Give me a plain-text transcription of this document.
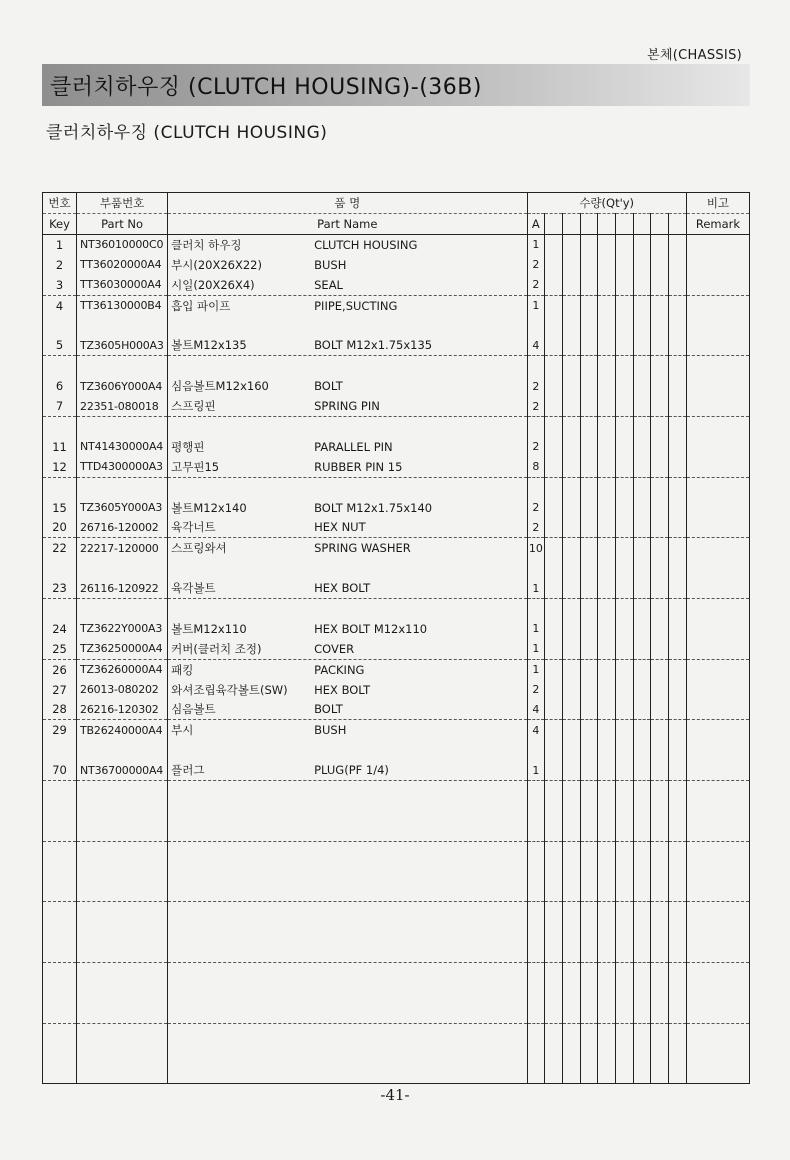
본체(CHASSIS)
클러치하우징 (CLUTCH HOUSING)-(36B)
클러치하우징 (CLUTCH HOUSING)
번호	부품번호	품 명	수량(Qt'y)									비고
Key	Part No	Part Name	A									Remark
1	NT36010000C0	클러치 하우징 CLUTCH HOUSING	1									
2	TT36020000A4	부시(20X26X22) BUSH	2									
3	TT36030000A4	시일(20X26X4) SEAL	2									
4	TT36130000B4	흡입 파이프 PIIPE,SUCTING	1									

5	TZ3605H000A3	볼트M12x135 BOLT M12x1.75x135	4									

6	TZ3606Y000A4	심음볼트M12x160 BOLT	2									
7	22351-080018	스프링핀 SPRING PIN	2									

11	NT41430000A4	평행핀 PARALLEL PIN	2									
12	TTD4300000A3	고무핀15 RUBBER PIN 15	8									

15	TZ3605Y000A3	볼트M12x140 BOLT M12x1.75x140	2									
20	26716-120002	육각너트 HEX NUT	2									
22	22217-120000	스프링와셔 SPRING WASHER	10									

23	26116-120922	육각볼트 HEX BOLT	1									

24	TZ3622Y000A3	볼트M12x110 HEX BOLT M12x110	1									
25	TZ36250000A4	커버(클러치 조정) COVER	1									
26	TZ36260000A4	패킹 PACKING	1									
27	26013-080202	와셔조립육각볼트(SW) HEX BOLT	2									
28	26216-120302	심음볼트 BOLT	4									
29	TB26240000A4	부시 BUSH	4									

70	NT36700000A4	플러그 PLUG(PF 1/4)	1									

-41-
